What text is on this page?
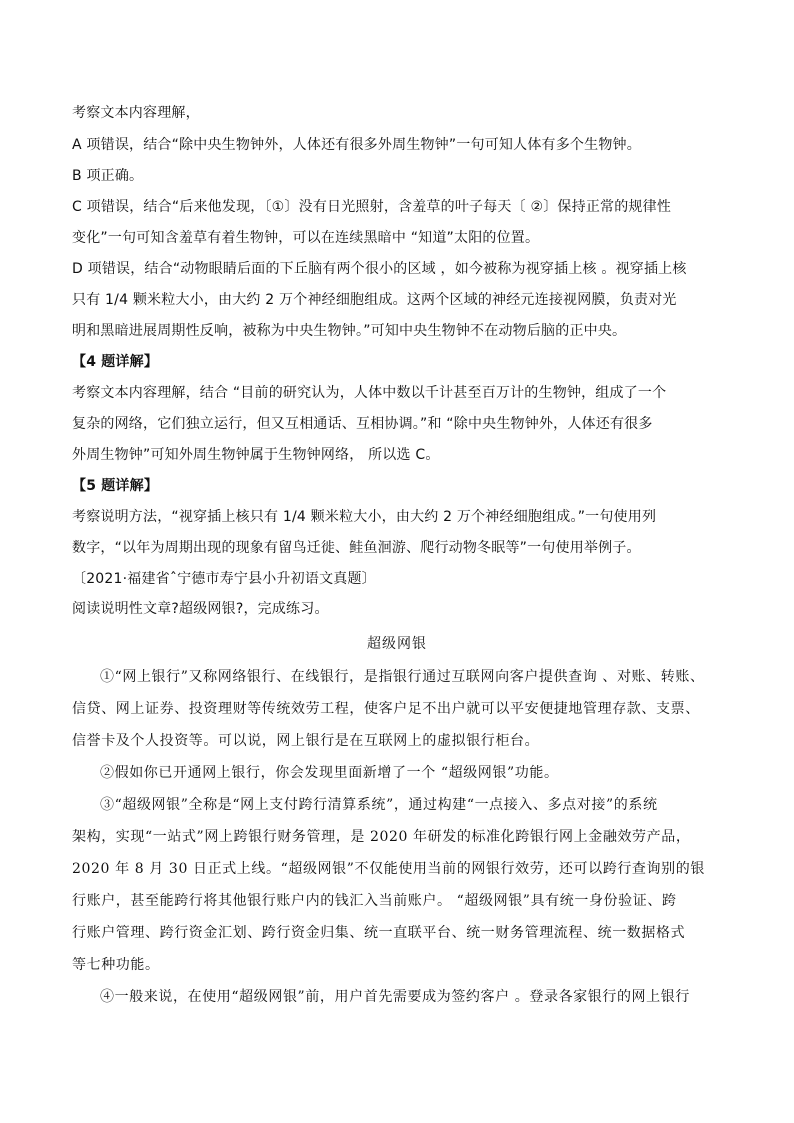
考察文本内容理解，
A 项错误，结合“除中央生物钟外，人体还有很多外周生物钟”一句可知人体有多个生物钟。
B 项正确。
C 项错误，结合“后来他发现，〔①〕没有日光照射，含羞草的叶子每天〔 ②〕保持正常的规律性
变化”一句可知含羞草有着生物钟，可以在连续黑暗中 “知道”太阳的位置。
D 项错误，结合“动物眼睛后面的下丘脑有两个很小的区域 ，如今被称为视穿插上核 。视穿插上核
只有 1/4 颗米粒大小，由大约 2 万个神经细胞组成。这两个区域的神经元连接视网膜，负责对光
明和黑暗进展周期性反响，被称为中央生物钟。”可知中央生物钟不在动物后脑的正中央。
【4 题详解】
考察文本内容理解，结合 “目前的研究认为，人体中数以千计甚至百万计的生物钟，组成了一个
复杂的网络，它们独立运行，但又互相通话、互相协调。”和 “除中央生物钟外，人体还有很多
外周生物钟”可知外周生物钟属于生物钟网络， 所以选 C。
【5 题详解】
考察说明方法，“视穿插上核只有 1/4 颗米粒大小，由大约 2 万个神经细胞组成。”一句使用列
数字，“以年为周期出现的现象有留鸟迁徙、鲑鱼洄游、爬行动物冬眠等”一句使用举例子。
〔2021·福建省ˆ宁德市寿宁县小升初语文真题〕
阅读说明性文章?超级网银?，完成练习。
超级网银
①“网上银行”又称网络银行、在线银行，是指银行通过互联网向客户提供查询 、对账、转账、
信贷、网上证券、投资理财等传统效劳工程，使客户足不出户就可以平安便捷地管理存款、支票、
信誉卡及个人投资等。可以说，网上银行是在互联网上的虚拟银行柜台。
②假如你已开通网上银行，你会发现里面新增了一个 “超级网银”功能。
③“超级网银”全称是“网上支付跨行清算系统”，通过构建“一点接入、多点对接”的系统
架构，实现“一站式”网上跨银行财务管理，是 2020 年研发的标准化跨银行网上金融效劳产品，
2020 年 8 月 30 日正式上线。“超级网银”不仅能使用当前的网银行效劳，还可以跨行查询别的银
行账户，甚至能跨行将其他银行账户内的钱汇入当前账户。 “超级网银”具有统一身份验证、跨
行账户管理、跨行资金汇划、跨行资金归集、统一直联平台、统一财务管理流程、统一数据格式
等七种功能。
④一般来说，在使用“超级网银”前，用户首先需要成为签约客户 。登录各家银行的网上银行
